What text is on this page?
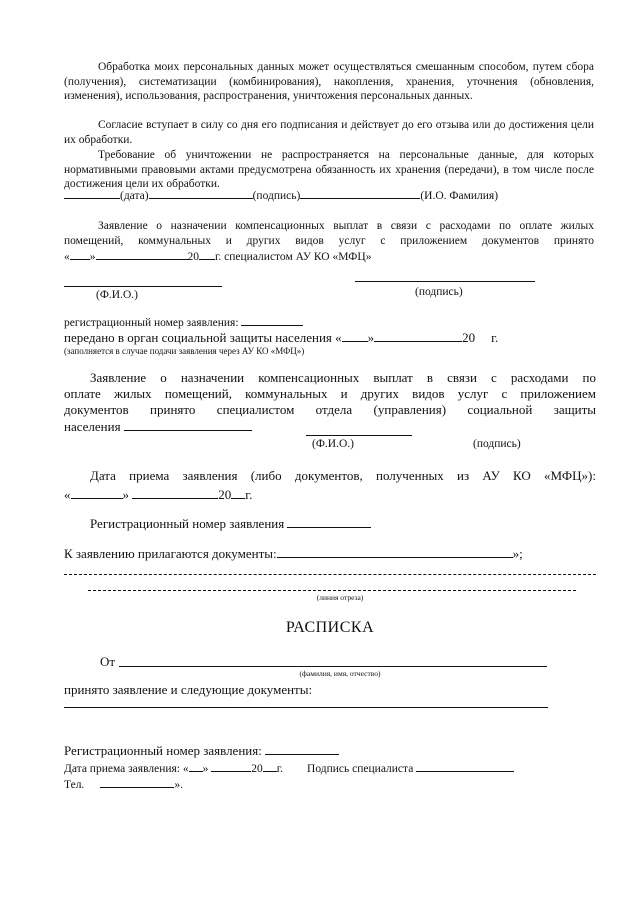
Обработка моих персональных данных может осуществляться смешанным способом, путем сбора (получения), систематизации (комбинирования), накопления, хранения, уточнения (обновления, изменения), использования, распространения, уничтожения персональных данных.
Согласие вступает в силу со дня его подписания и действует до его отзыва или до достижения цели их обработки.
Требование об уничтожении не распространяется на персональные данные, для которых нормативными правовыми актами предусмотрена обязанность их хранения (передачи), в том числе после достижения цели их обработки.
(дата)	(подпись)	(И.О. Фамилия)
Заявление о назначении компенсационных выплат в связи с расходами по оплате жилых
помещений, коммунальных и других видов услуг с приложением документов принято
« »	20 г. специалистом АУ КО «МФЦ»
(Ф.И.О.)	(подпись)
регистрационный номер заявления:
передано в орган социальной защиты населения « »	20 г.
(заполняется в случае подачи заявления через АУ КО «МФЦ»)
Заявление о назначении компенсационных выплат в связи с расходами по
оплате жилых помещений, коммунальных и других видов услуг с приложением
документов принято специалистом отдела (управления) социальной защиты
населения
(Ф.И.О.)	(подпись)
Дата приема заявления (либо документов, полученных из АУ КО «МФЦ»):
«	»	20 г.
Регистрационный номер заявления
К заявлению прилагаются документы:	»;
(линия отреза)
РАСПИСКА
От
(фамилия, имя, отчество)
принято заявление и следующие документы:
Регистрационный номер заявления:
Дата приема заявления: « »	20 г. Подпись специалиста
Тел.	».
